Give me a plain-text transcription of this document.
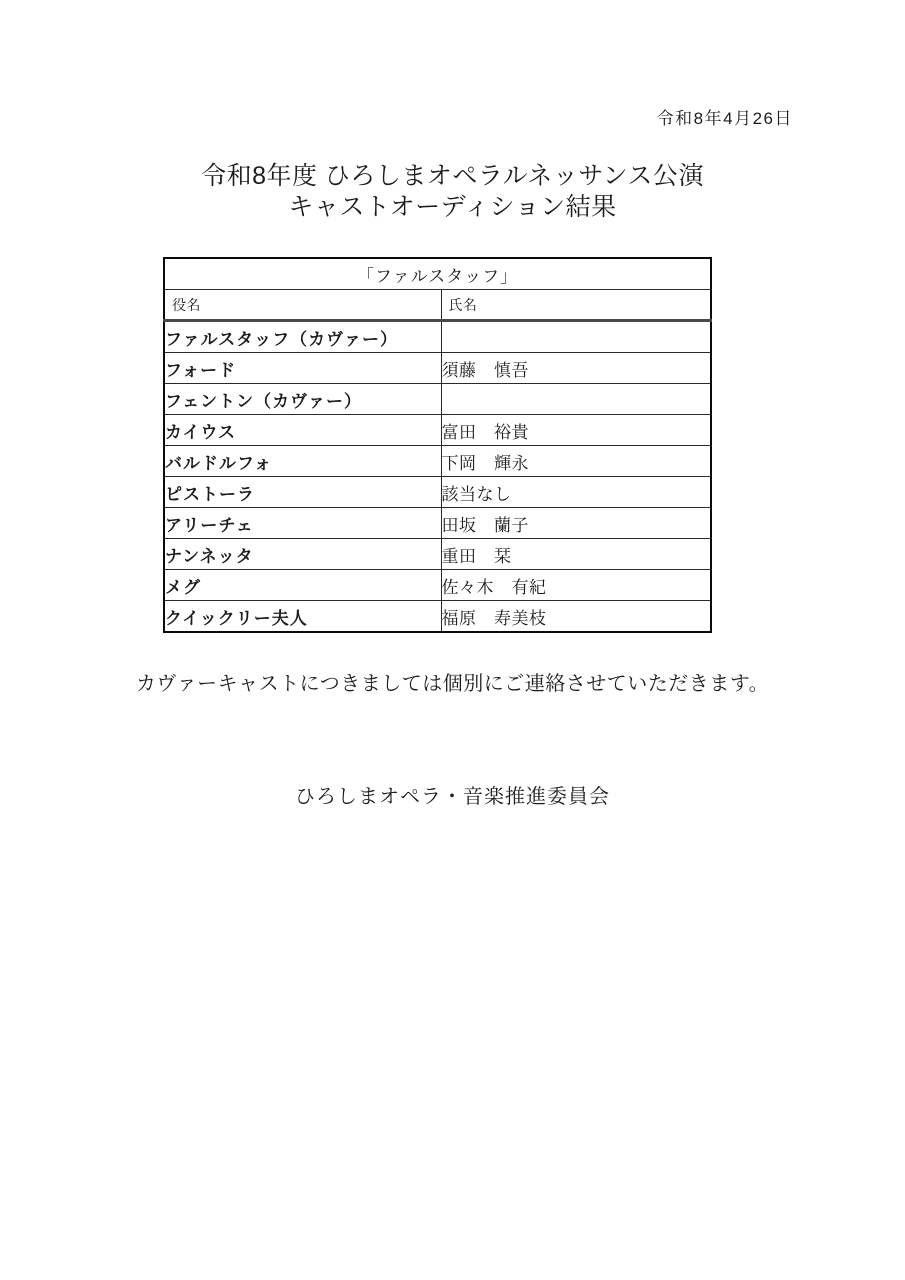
令和8年4月26日
令和8年度 ひろしまオペラルネッサンス公演
キャストオーディション結果
「ファルスタッフ」	
役名	氏名
ファルスタッフ（カヴァー）	
フォード	須藤　慎吾
フェントン（カヴァー）	
カイウス	富田　裕貴
バルドルフォ	下岡　輝永
ピストーラ	該当なし
アリーチェ	田坂　蘭子
ナンネッタ	重田　栞
メグ	佐々木　有紀
クイックリー夫人	福原　寿美枝
カヴァーキャストにつきましては個別にご連絡させていただきます。
ひろしまオペラ・音楽推進委員会
